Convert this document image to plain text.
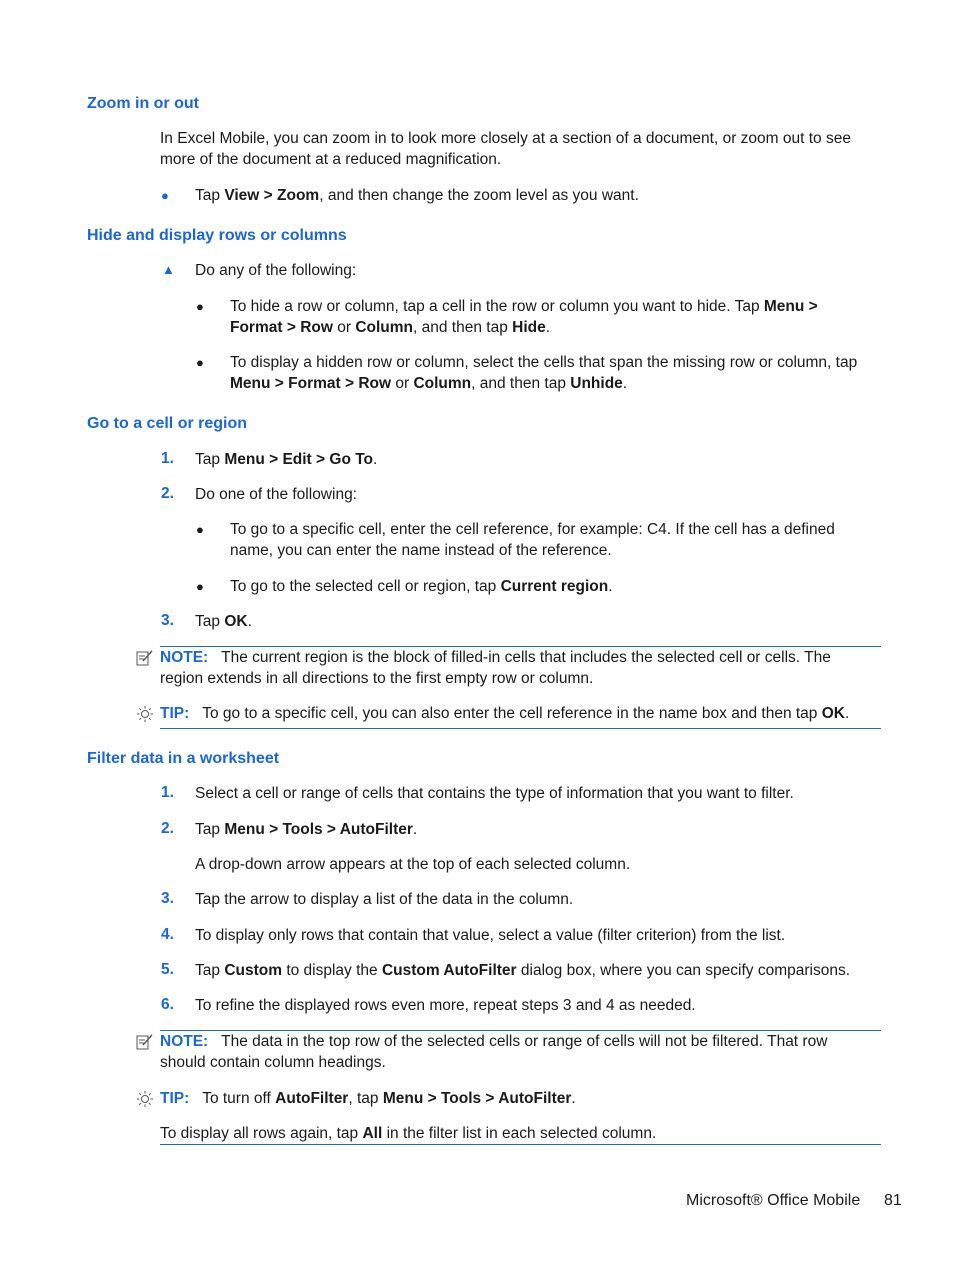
Zoom in or out
In Excel Mobile, you can zoom in to look more closely at a section of a document, or zoom out to see more of the document at a reduced magnification.
● Tap View > Zoom, and then change the zoom level as you want.
Hide and display rows or columns
▲ Do any of the following:
● To hide a row or column, tap a cell in the row or column you want to hide. Tap Menu >
Format > Row or Column, and then tap Hide.
● To display a hidden row or column, select the cells that span the missing row or column, tap
Menu > Format > Row or Column, and then tap Unhide.
Go to a cell or region
1. Tap Menu > Edit > Go To.
2. Do one of the following:
● To go to a specific cell, enter the cell reference, for example: C4. If the cell has a defined name, you can enter the name instead of the reference.
● To go to the selected cell or region, tap Current region.
3. Tap OK.
NOTE: The current region is the block of filled-in cells that includes the selected cell or cells. The region extends in all directions to the first empty row or column.
TIP: To go to a specific cell, you can also enter the cell reference in the name box and then tap OK.
Filter data in a worksheet
1. Select a cell or range of cells that contains the type of information that you want to filter.
2. Tap Menu > Tools > AutoFilter.
A drop-down arrow appears at the top of each selected column.
3. Tap the arrow to display a list of the data in the column.
4. To display only rows that contain that value, select a value (filter criterion) from the list.
5. Tap Custom to display the Custom AutoFilter dialog box, where you can specify comparisons.
6. To refine the displayed rows even more, repeat steps 3 and 4 as needed.
NOTE: The data in the top row of the selected cells or range of cells will not be filtered. That row should contain column headings.
TIP: To turn off AutoFilter, tap Menu > Tools > AutoFilter.
To display all rows again, tap All in the filter list in each selected column.
Microsoft® Office Mobile 81
